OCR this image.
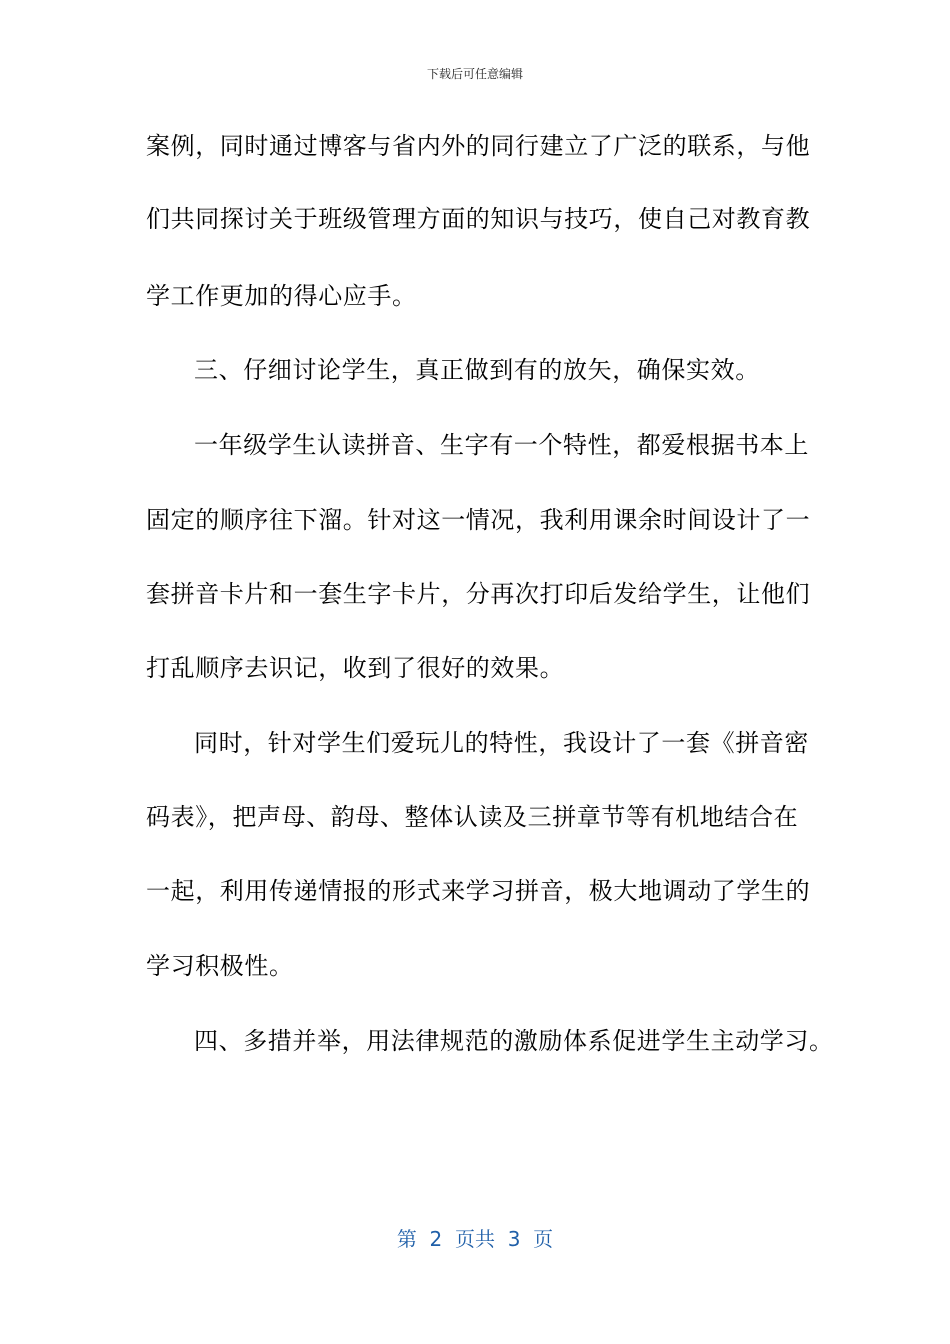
下载后可任意编辑
案例，同时通过博客与省内外的同行建立了广泛的联系，与他
们共同探讨关于班级管理方面的知识与技巧，使自己对教育教
学工作更加的得心应手。
三、仔细讨论学生，真正做到有的放矢，确保实效。
一年级学生认读拼音、生字有一个特性，都爱根据书本上
固定的顺序往下溜。针对这一情况，我利用课余时间设计了一
套拼音卡片和一套生字卡片，分再次打印后发给学生，让他们
打乱顺序去识记，收到了很好的效果。
同时，针对学生们爱玩儿的特性，我设计了一套《拼音密
码表》，把声母、韵母、整体认读及三拼章节等有机地结合在
一起，利用传递情报的形式来学习拼音，极大地调动了学生的
学习积极性。
四、多措并举，用法律规范的激励体系促进学生主动学习。
第  2  页共  3  页
